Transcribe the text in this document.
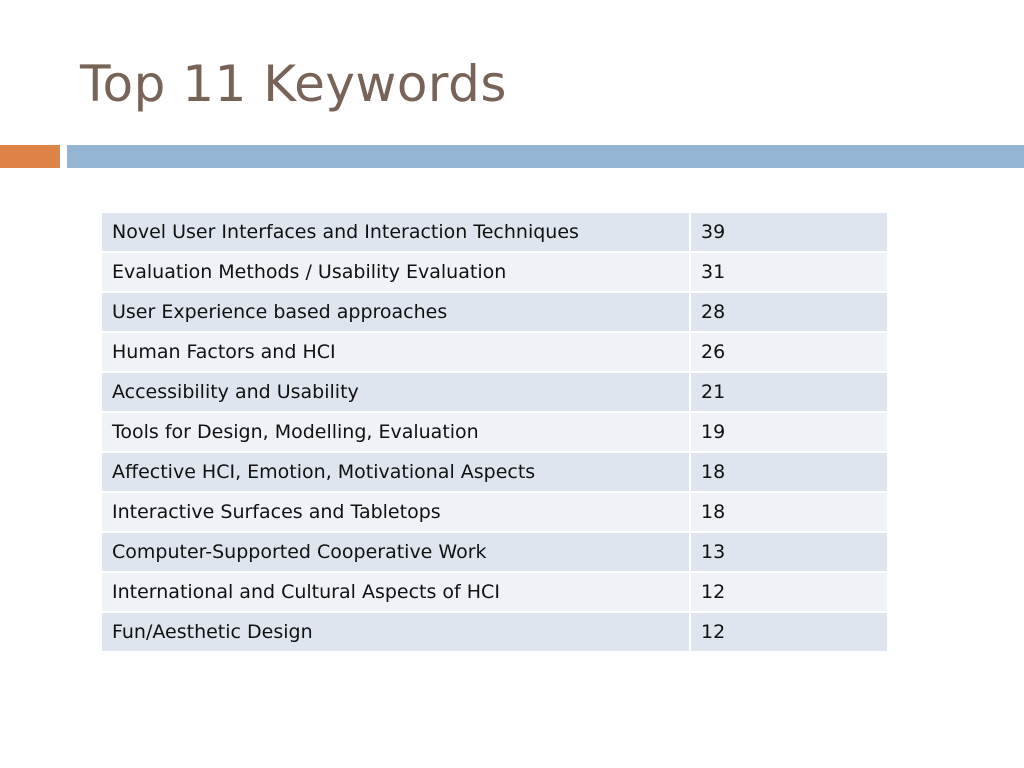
Top 11 Keywords
Novel User Interfaces and Interaction Techniques	39
Evaluation Methods / Usability Evaluation	31
User Experience based approaches	28
Human Factors and HCI	26
Accessibility and Usability	21
Tools for Design, Modelling, Evaluation	19
Affective HCI, Emotion, Motivational Aspects	18
Interactive Surfaces and Tabletops	18
Computer-Supported Cooperative Work	13
International and Cultural Aspects of HCI	12
Fun/Aesthetic Design	12
